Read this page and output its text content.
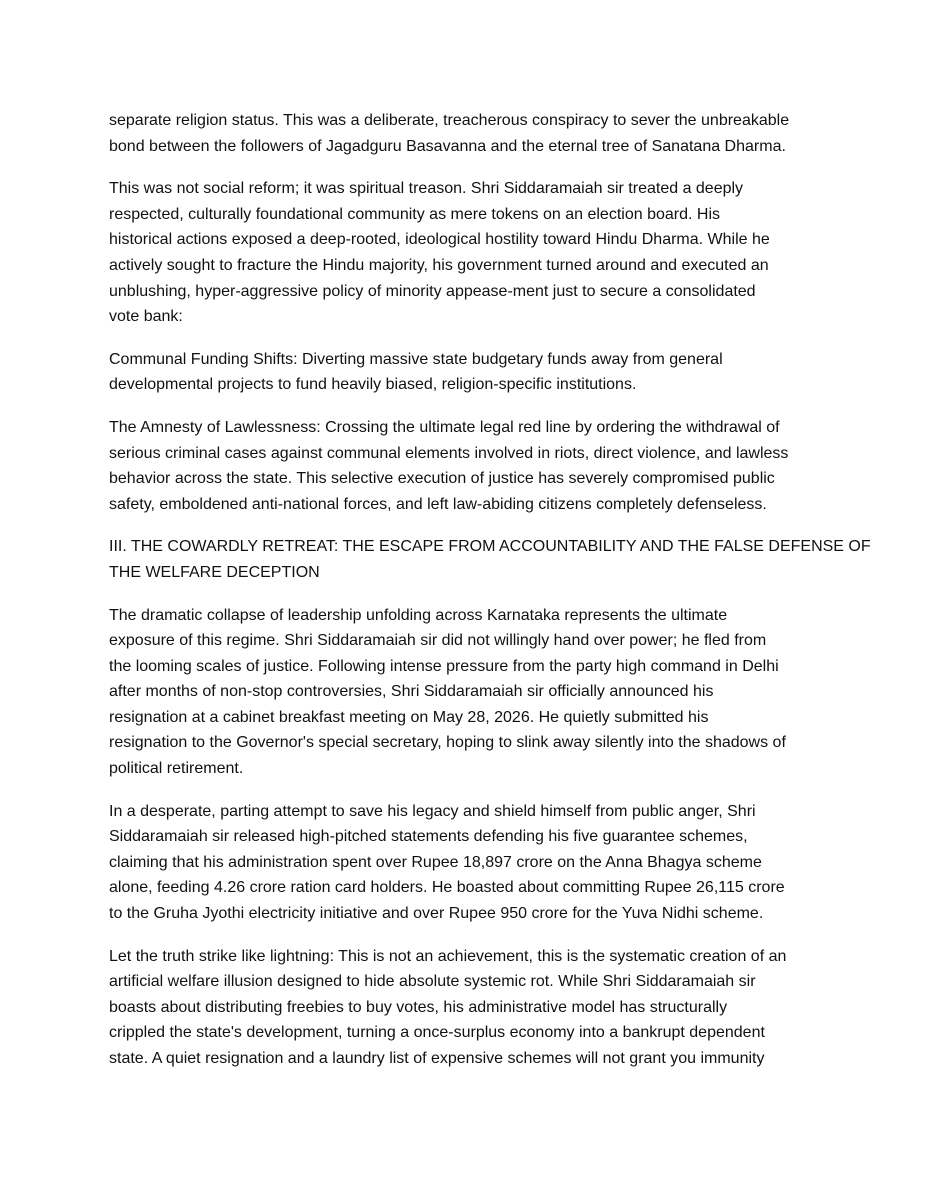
separate religion status. This was a deliberate, treacherous conspiracy to sever the unbreakable
bond between the followers of Jagadguru Basavanna and the eternal tree of Sanatana Dharma.

This was not social reform; it was spiritual treason. Shri Siddaramaiah sir treated a deeply
respected, culturally foundational community as mere tokens on an election board. His
historical actions exposed a deep-rooted, ideological hostility toward Hindu Dharma. While he
actively sought to fracture the Hindu majority, his government turned around and executed an
unblushing, hyper-aggressive policy of minority appease-ment just to secure a consolidated
vote bank:

Communal Funding Shifts: Diverting massive state budgetary funds away from general
developmental projects to fund heavily biased, religion-specific institutions.

The Amnesty of Lawlessness: Crossing the ultimate legal red line by ordering the withdrawal of
serious criminal cases against communal elements involved in riots, direct violence, and lawless
behavior across the state. This selective execution of justice has severely compromised public
safety, emboldened anti-national forces, and left law-abiding citizens completely defenseless.

III. THE COWARDLY RETREAT: THE ESCAPE FROM ACCOUNTABILITY AND THE FALSE DEFENSE OF
THE WELFARE DECEPTION

The dramatic collapse of leadership unfolding across Karnataka represents the ultimate
exposure of this regime. Shri Siddaramaiah sir did not willingly hand over power; he fled from
the looming scales of justice. Following intense pressure from the party high command in Delhi
after months of non-stop controversies, Shri Siddaramaiah sir officially announced his
resignation at a cabinet breakfast meeting on May 28, 2026. He quietly submitted his
resignation to the Governor's special secretary, hoping to slink away silently into the shadows of
political retirement.

In a desperate, parting attempt to save his legacy and shield himself from public anger, Shri
Siddaramaiah sir released high-pitched statements defending his five guarantee schemes,
claiming that his administration spent over Rupee 18,897 crore on the Anna Bhagya scheme
alone, feeding 4.26 crore ration card holders. He boasted about committing Rupee 26,115 crore
to the Gruha Jyothi electricity initiative and over Rupee 950 crore for the Yuva Nidhi scheme.

Let the truth strike like lightning: This is not an achievement, this is the systematic creation of an
artificial welfare illusion designed to hide absolute systemic rot. While Shri Siddaramaiah sir
boasts about distributing freebies to buy votes, his administrative model has structurally
crippled the state's development, turning a once-surplus economy into a bankrupt dependent
state. A quiet resignation and a laundry list of expensive schemes will not grant you immunity
